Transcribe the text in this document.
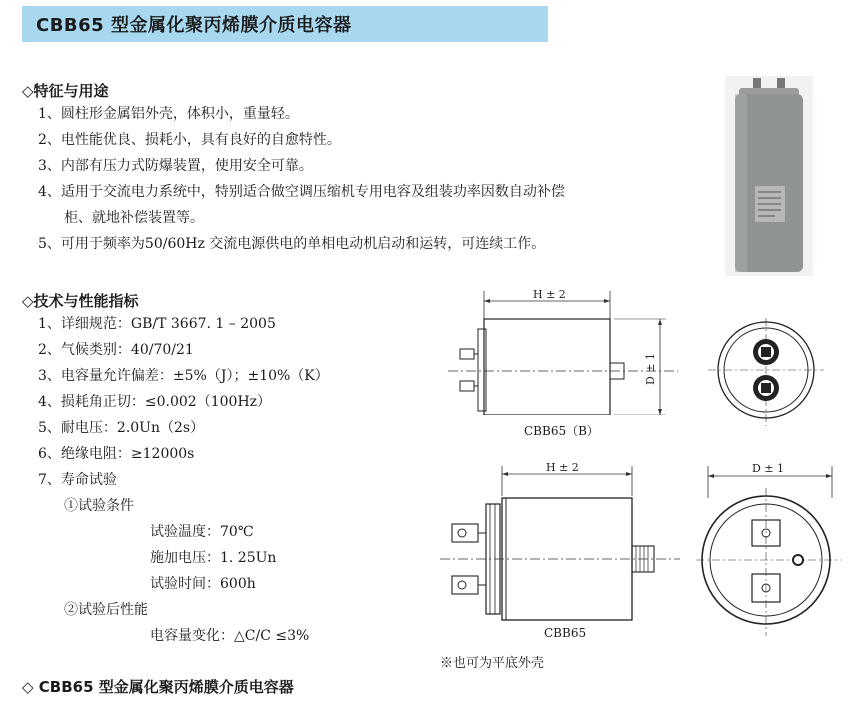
CBB65 型金属化聚丙烯膜介质电容器
◇特征与用途
1、圆柱形金属铝外壳，体积小，重量轻。
2、电性能优良、损耗小，具有良好的自愈特性。
3、内部有压力式防爆装置，使用安全可靠。
4、适用于交流电力系统中，特别适合做空调压缩机专用电容及组装功率因数自动补偿
柜、就地补偿装置等。
5、可用于频率为50/60Hz 交流电源供电的单相电动机启动和运转，可连续工作。
◇技术与性能指标
1、详细规范：GB/T 3667. 1 – 2005
2、气候类别：40/70/21
3、电容量允许偏差：±5%（J）；±10%（K）
4、损耗角正切：≤0.002（100Hz）
5、耐电压：2.0Un（2s）
6、绝缘电阻：≥12000s
7、寿命试验
①试验条件
试验温度：70℃
施加电压：1. 25Un
试验时间：600h
②试验后性能
电容量变化：△C/C ≤3%
H ± 2
D ± 1
CBB65（B）
H ± 2
CBB65
D ± 1
※也可为平底外壳
◇ CBB65 型金属化聚丙烯膜介质电容器
